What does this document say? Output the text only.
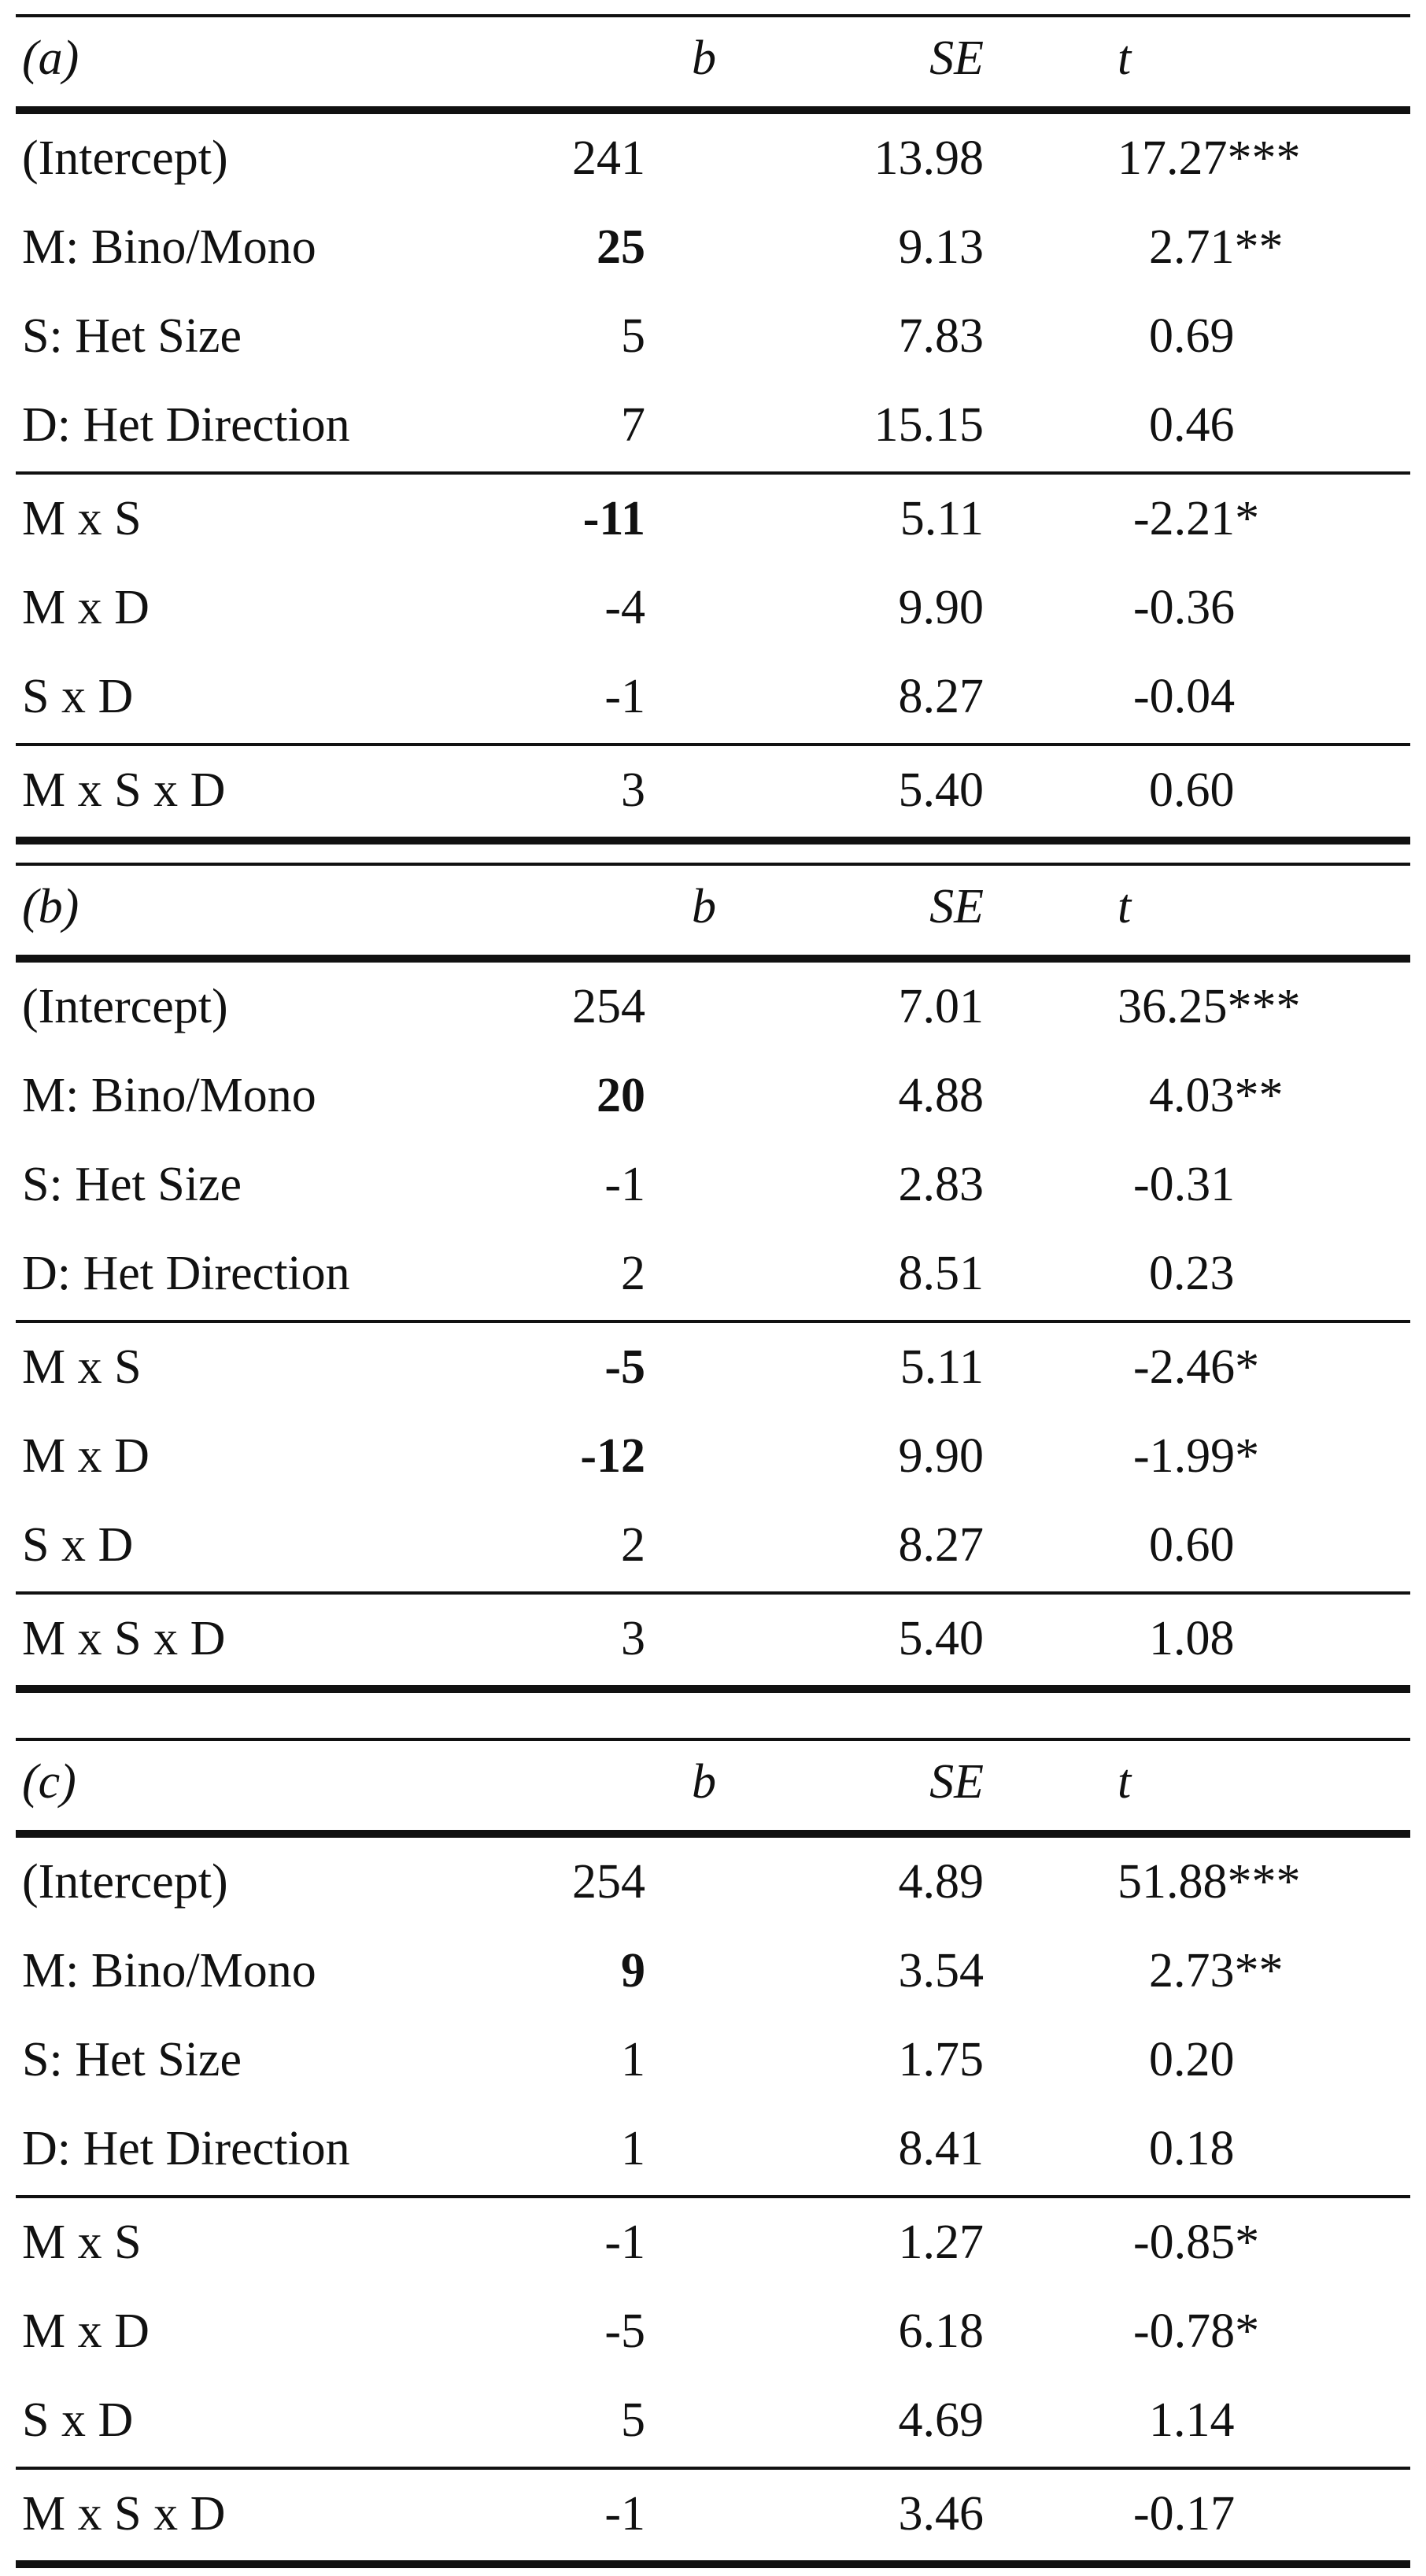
(a)	b	SE	t
(Intercept)	241	13.98	17.27***
M: Bino/Mono	25	9.13	2.71**
S: Het Size	5	7.83	0.69
D: Het Direction	7	15.15	0.46
M x S	-11	5.11	-2.21*
M x D	-4	9.90	-0.36
S x D	-1	8.27	-0.04
M x S x D	3	5.40	0.60
(b)	b	SE	t
(Intercept)	254	7.01	36.25***
M: Bino/Mono	20	4.88	4.03**
S: Het Size	-1	2.83	-0.31
D: Het Direction	2	8.51	0.23
M x S	-5	5.11	-2.46*
M x D	-12	9.90	-1.99*
S x D	2	8.27	0.60
M x S x D	3	5.40	1.08
(c)	b	SE	t
(Intercept)	254	4.89	51.88***
M: Bino/Mono	9	3.54	2.73**
S: Het Size	1	1.75	0.20
D: Het Direction	1	8.41	0.18
M x S	-1	1.27	-0.85*
M x D	-5	6.18	-0.78*
S x D	5	4.69	1.14
M x S x D	-1	3.46	-0.17
